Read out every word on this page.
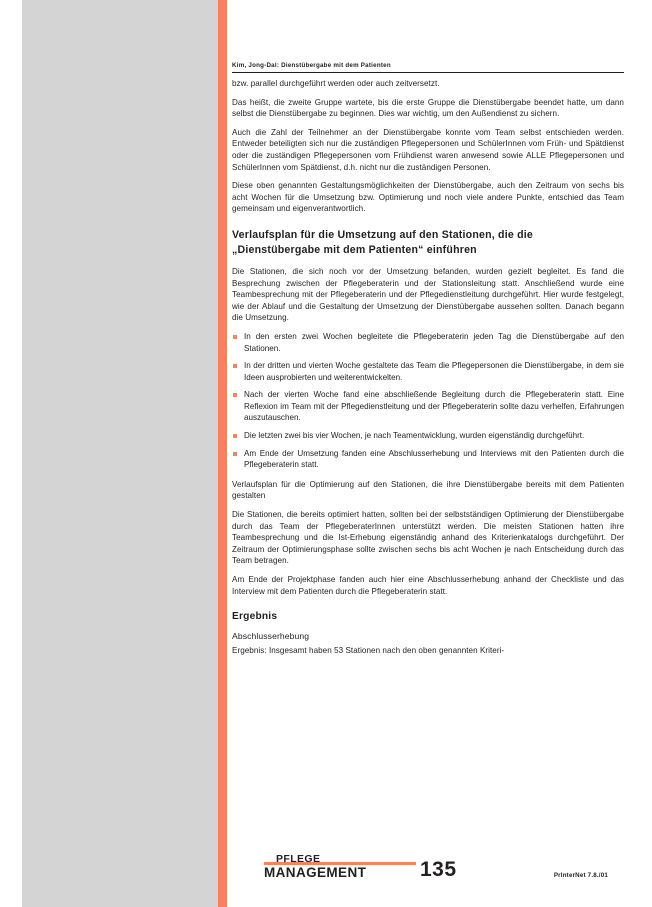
Kim, Jong-Dal: Dienstübergabe mit dem Patienten

bzw. parallel durchgeführt werden oder auch zeitversetzt.

Das heißt, die zweite Gruppe wartete, bis die erste Gruppe die Dienstübergabe beendet hatte, um dann selbst die Dienstübergabe zu beginnen. Dies war wichtig, um den Außendienst zu sichern.

Auch die Zahl der Teilnehmer an der Dienstübergabe konnte vom Team selbst entschieden werden. Entweder beteiligten sich nur die zuständigen Pflegepersonen und SchülerInnen vom Früh- und Spätdienst oder die zuständigen Pflegepersonen vom Frühdienst waren anwesend sowie ALLE Pflegepersonen und SchülerInnen vom Spätdienst, d.h. nicht nur die zuständigen Personen.

Diese oben genannten Gestaltungsmöglichkeiten der Dienstübergabe, auch den Zeitraum von sechs bis acht Wochen für die Umsetzung bzw. Optimierung und noch viele andere Punkte, entschied das Team gemeinsam und eigenverantwortlich.

Verlaufsplan für die Umsetzung auf den Stationen, die die „Dienstübergabe mit dem Patienten“ einführen

Die Stationen, die sich noch vor der Umsetzung befanden, wurden gezielt begleitet. Es fand die Besprechung zwischen der Pflegeberaterin und der Stationsleitung statt. Anschließend wurde eine Teambesprechung mit der Pflegeberaterin und der Pflegedienstleitung durchgeführt. Hier wurde festgelegt, wie der Ablauf und die Gestaltung der Umsetzung der Dienstübergabe aussehen sollten. Danach begann die Umsetzung.

In den ersten zwei Wochen begleitete die Pflegeberaterin jeden Tag die Dienstübergabe auf den Stationen.
In der dritten und vierten Woche gestaltete das Team die Pflegepersonen die Dienstübergabe, in dem sie Ideen ausprobierten und weiterentwickelten.
Nach der vierten Woche fand eine abschließende Begleitung durch die Pflegeberaterin statt. Eine Reflexion im Team mit der Pflegedienstleitung und der Pflegeberaterin sollte dazu verhelfen, Erfahrungen auszutauschen.
Die letzten zwei bis vier Wochen, je nach Teamentwicklung, wurden eigenständig durchgeführt.
Am Ende der Umsetzung fanden eine Abschlusserhebung und Interviews mit den Patienten durch die Pflegeberaterin statt.

Verlaufsplan für die Optimierung auf den Stationen, die ihre Dienstübergabe bereits mit dem Patienten gestalten

Die Stationen, die bereits optimiert hatten, sollten bei der selbstständigen Optimierung der Dienstübergabe durch das Team der PflegeberaterInnen unterstützt werden. Die meisten Stationen hatten ihre Teambesprechung und die Ist-Erhebung eigenständig anhand des Kriterienkatalogs durchgeführt. Der Zeitraum der Optimierungsphase sollte zwischen sechs bis acht Wochen je nach Entscheidung durch das Team betragen.

Am Ende der Projektphase fanden auch hier eine Abschlusserhebung anhand der Checkliste und das Interview mit dem Patienten durch die Pflegeberaterin statt.

Ergebnis
Abschlusserhebung

Ergebnis: Insgesamt haben 53 Stationen nach den oben genannten Kriteri-

PFLEGE
MANAGEMENT	135	PrInterNet 7.8./01
